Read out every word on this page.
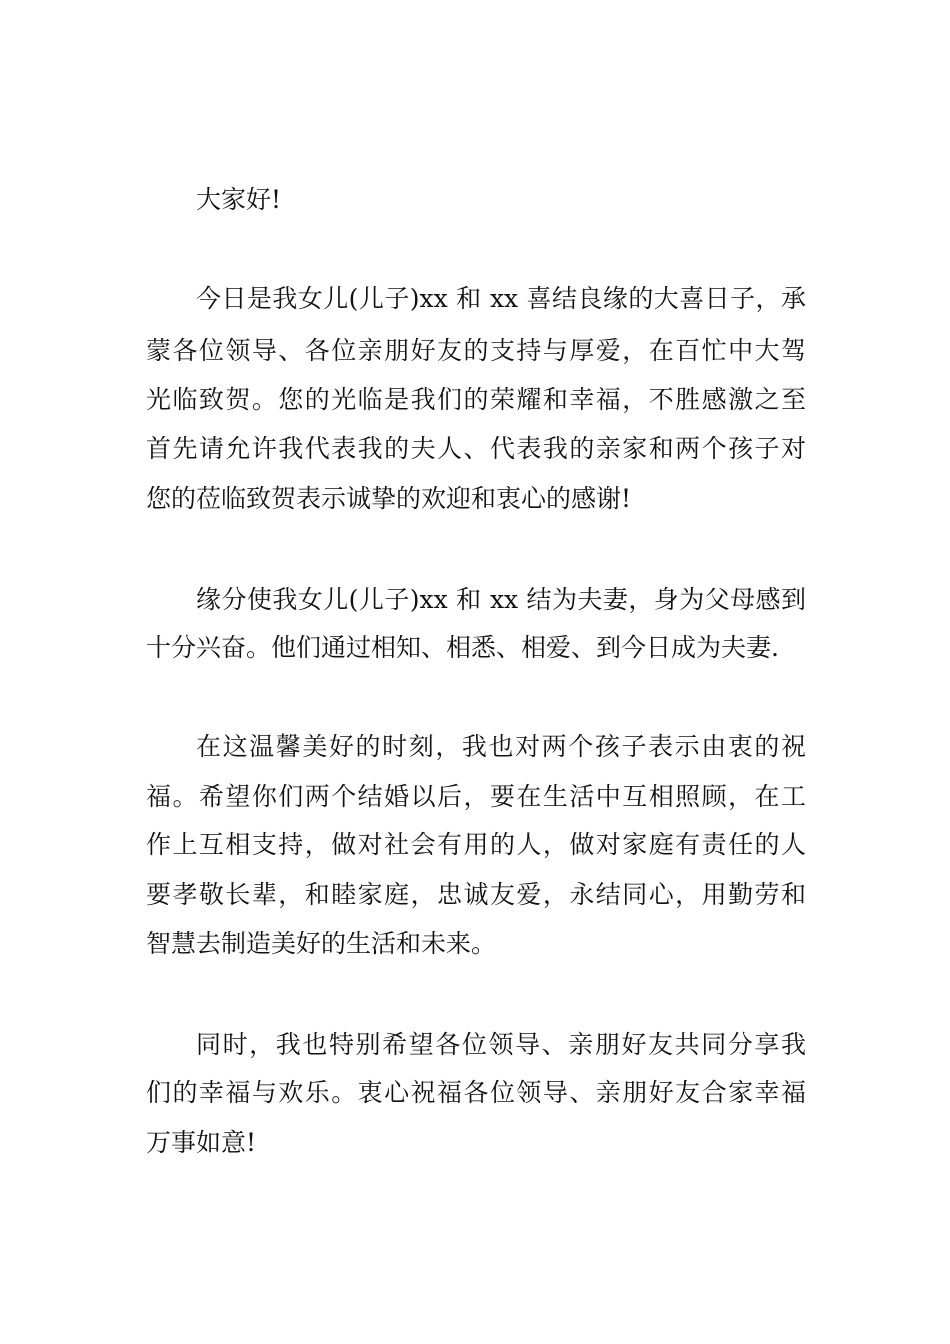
大家好!
今日是我女儿(儿子)xx 和 xx 喜结良缘的大喜日子，承
蒙各位领导、各位亲朋好友的支持与厚爱，在百忙中大驾
光临致贺。您的光临是我们的荣耀和幸福，不胜感激之至
首先请允许我代表我的夫人、代表我的亲家和两个孩子对
您的莅临致贺表示诚挚的欢迎和衷心的感谢!
缘分使我女儿(儿子)xx 和 xx 结为夫妻，身为父母感到
十分兴奋。他们通过相知、相悉、相爱、到今日成为夫妻.
在这温馨美好的时刻，我也对两个孩子表示由衷的祝
福。希望你们两个结婚以后，要在生活中互相照顾，在工
作上互相支持，做对社会有用的人，做对家庭有责任的人
要孝敬长辈，和睦家庭，忠诚友爱，永结同心，用勤劳和
智慧去制造美好的生活和未来。
同时，我也特别希望各位领导、亲朋好友共同分享我
们的幸福与欢乐。衷心祝福各位领导、亲朋好友合家幸福
万事如意!
